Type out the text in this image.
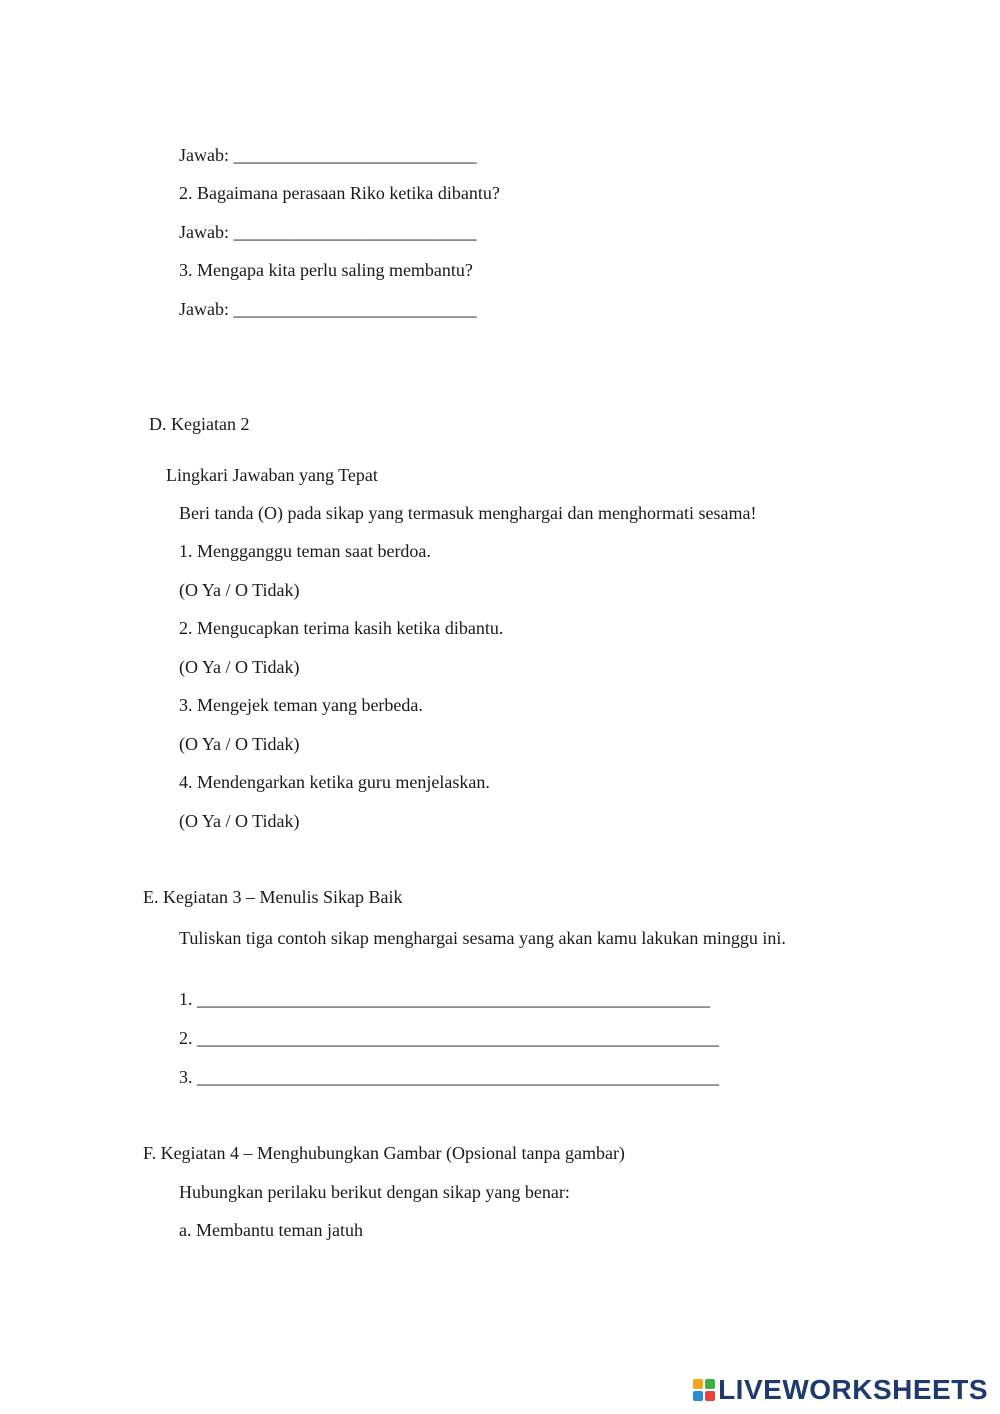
Jawab: ___________________________
2. Bagaimana perasaan Riko ketika dibantu?
Jawab: ___________________________
3. Mengapa kita perlu saling membantu?
Jawab: ___________________________
D. Kegiatan 2
Lingkari Jawaban yang Tepat
Beri tanda (O) pada sikap yang termasuk menghargai dan menghormati sesama!
1. Mengganggu teman saat berdoa.
(O Ya / O Tidak)
2. Mengucapkan terima kasih ketika dibantu.
(O Ya / O Tidak)
3. Mengejek teman yang berbeda.
(O Ya / O Tidak)
4. Mendengarkan ketika guru menjelaskan.
(O Ya / O Tidak)
E. Kegiatan 3 – Menulis Sikap Baik
Tuliskan tiga contoh sikap menghargai sesama yang akan kamu lakukan minggu ini.
1. _________________________________________________________
2. __________________________________________________________
3. __________________________________________________________
F. Kegiatan 4 – Menghubungkan Gambar (Opsional tanpa gambar)
Hubungkan perilaku berikut dengan sikap yang benar:
a. Membantu teman jatuh
LIVEWORKSHEETS
